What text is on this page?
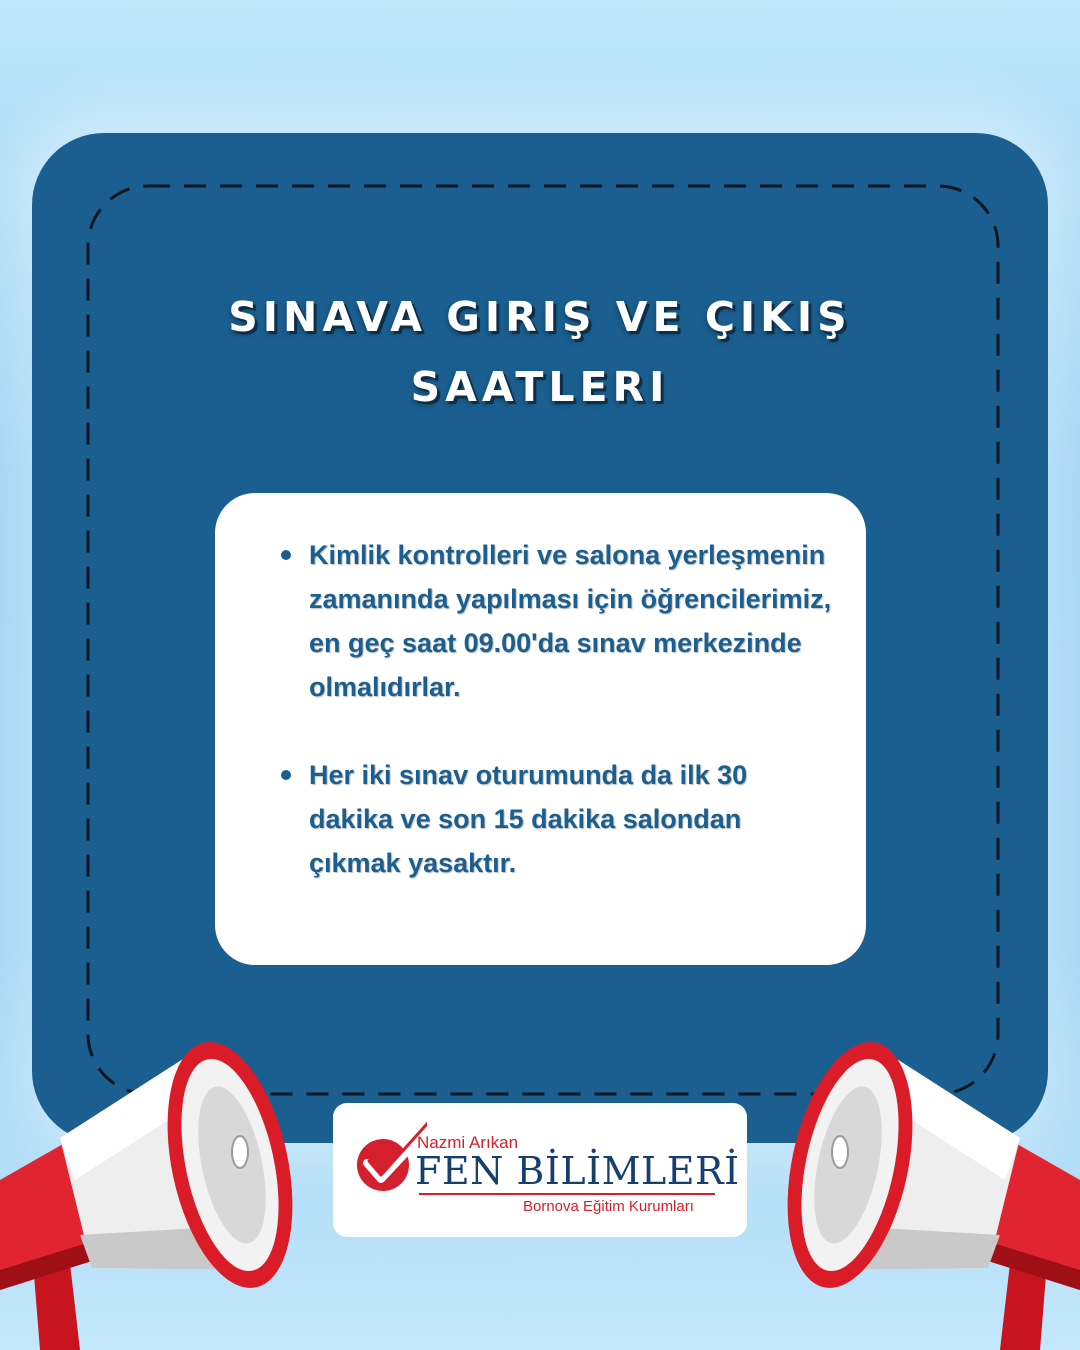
SINAVA GIRIŞ VE ÇIKIŞ
SAATLERI
Kimlik kontrolleri ve salona yerleşmenin zamanında yapılması için öğrencilerimiz, en geç saat 09.00'da sınav merkezinde olmalıdırlar.
Her iki sınav oturumunda da ilk 30 dakika ve son 15 dakika salondan çıkmak yasaktır.
Nazmi Arıkan
FEN BİLİMLERİ
Bornova Eğitim Kurumları
